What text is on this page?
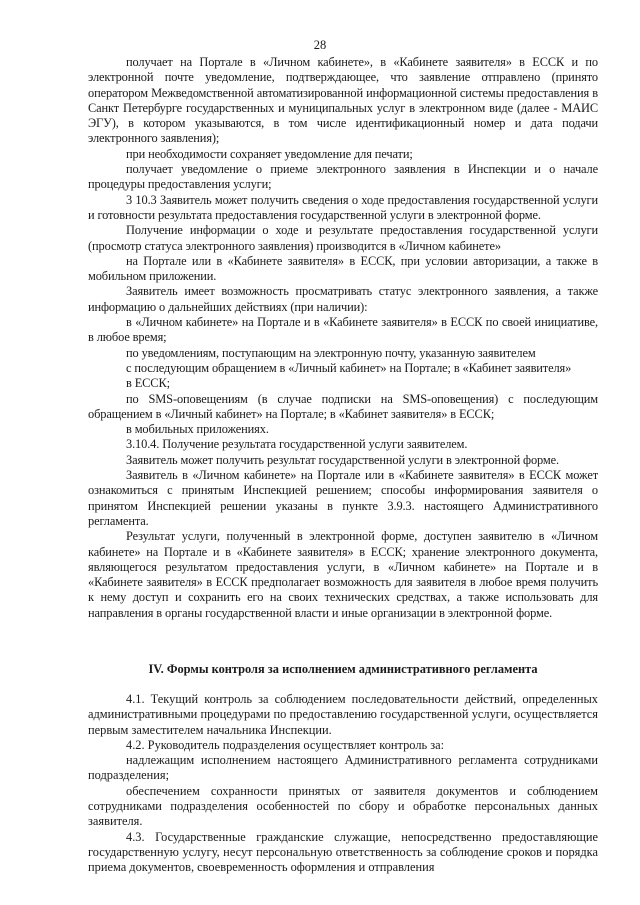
28

получает на Портале в «Личном кабинете», в «Кабинете заявителя» в ЕССК и по электронной почте уведомление, подтверждающее, что заявление отправлено (принято оператором Межведомственной автоматизированной информационной системы предоставления в Санкт Петербурге государственных и муниципальных услуг в электронном виде (далее - МАИС ЭГУ), в котором указываются, в том числе идентификационный номер и дата подачи электронного заявления);

при необходимости сохраняет уведомление для печати;

получает уведомление о приеме электронного заявления в Инспекции и о начале процедуры предоставления услуги;

3 10.3 Заявитель может получить сведения о ходе предоставления государственной услуги и готовности результата предоставления государственной услуги в электронной форме.

Получение информации о ходе и результате предоставления государственной услуги (просмотр статуса электронного заявления) производится в «Личном кабинете»

на Портале или в «Кабинете заявителя» в ЕССК, при условии авторизации, а также в мобильном приложении.

Заявитель имеет возможность просматривать статус электронного заявления, а также информацию о дальнейших действиях (при наличии):

в «Личном кабинете» на Портале и в «Кабинете заявителя» в ЕССК по своей инициативе, в любое время;

по уведомлениям, поступающим на электронную почту, указанную заявителем

с последующим обращением в «Личный кабинет» на Портале; в «Кабинет заявителя»

в ЕССК;

по SMS-оповещениям (в случае подписки на SMS-оповещения) с последующим обращением в «Личный кабинет» на Портале; в «Кабинет заявителя» в ЕССК;

в мобильных приложениях.

3.10.4. Получение результата государственной услуги заявителем.

Заявитель может получить результат государственной услуги в электронной форме.

Заявитель в «Личном кабинете» на Портале или в «Кабинете заявителя» в ЕССК может ознакомиться с принятым Инспекцией решением; способы информирования заявителя о принятом Инспекцией решении указаны в пункте 3.9.3. настоящего Административного регламента.

Результат услуги, полученный в электронной форме, доступен заявителю в «Личном кабинете» на Портале и в «Кабинете заявителя» в ЕССК; хранение электронного документа, являющегося результатом предоставления услуги, в «Личном кабинете» на Портале и в «Кабинете заявителя» в ЕССК предполагает возможность для заявителя в любое время получить к нему доступ и сохранить его на своих технических средствах, а также использовать для направления в органы государственной власти и иные организации в электронной форме.

IV. Формы контроля за исполнением административного регламента

4.1. Текущий контроль за соблюдением последовательности действий, определенных административными процедурами по предоставлению государственной услуги, осуществляется первым заместителем начальника Инспекции.

4.2. Руководитель подразделения осуществляет контроль за:

надлежащим исполнением настоящего Административного регламента сотрудниками подразделения;

обеспечением сохранности принятых от заявителя документов и соблюдением сотрудниками подразделения особенностей по сбору и обработке персональных данных заявителя.

4.3. Государственные гражданские служащие, непосредственно предоставляющие государственную услугу, несут персональную ответственность за соблюдение сроков и порядка приема документов, своевременность оформления и отправления
